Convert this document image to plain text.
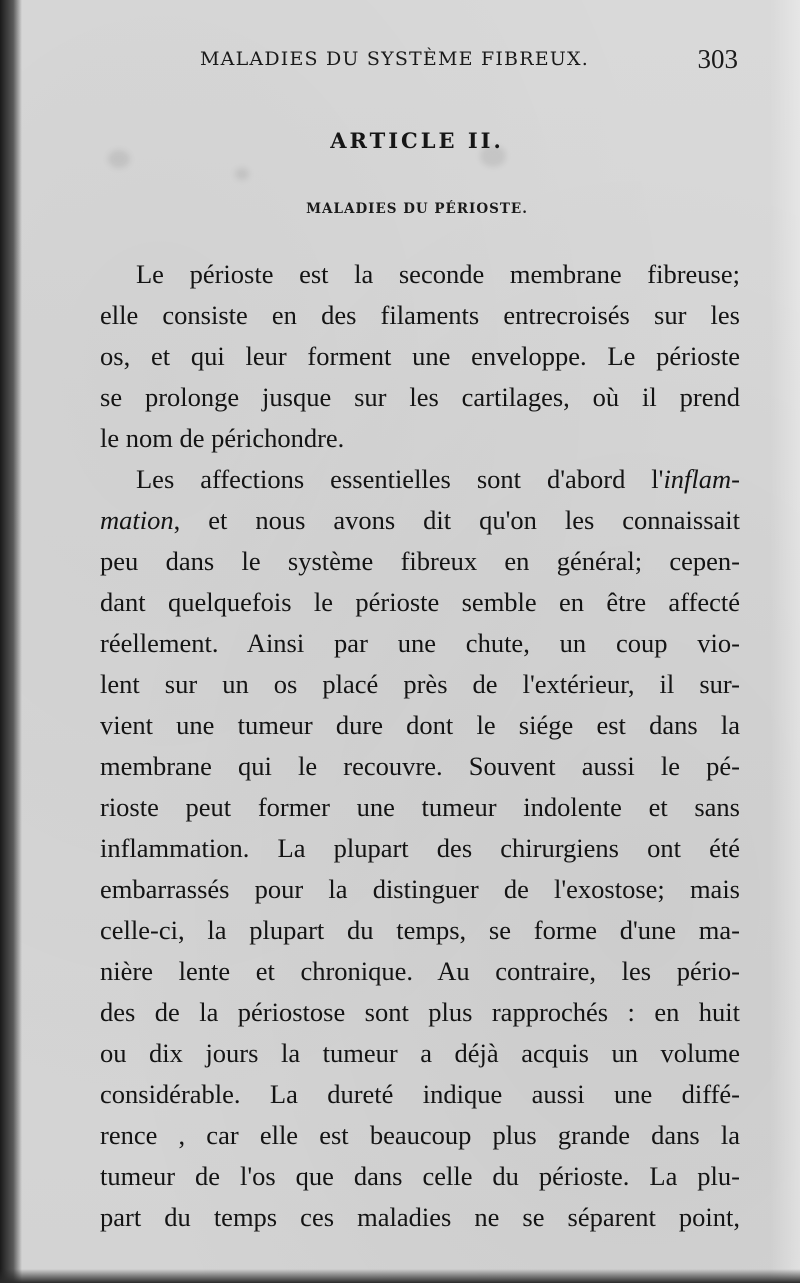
MALADIES DU SYSTÈME FIBREUX.	303
ARTICLE II.
MALADIES DU PÉRIOSTE.
Le périoste est la seconde membrane fibreuse;
elle consiste en des filaments entrecroisés sur les
os, et qui leur forment une enveloppe. Le périoste
se prolonge jusque sur les cartilages, où il prend
le nom de périchondre.
Les affections essentielles sont d'abord l'inflam-
mation, et nous avons dit qu'on les connaissait
peu dans le système fibreux en général; cepen-
dant quelquefois le périoste semble en être affecté
réellement. Ainsi par une chute, un coup vio-
lent sur un os placé près de l'extérieur, il sur-
vient une tumeur dure dont le siége est dans la
membrane qui le recouvre. Souvent aussi le pé-
rioste peut former une tumeur indolente et sans
inflammation. La plupart des chirurgiens ont été
embarrassés pour la distinguer de l'exostose; mais
celle-ci, la plupart du temps, se forme d'une ma-
nière lente et chronique. Au contraire, les pério-
des de la périostose sont plus rapprochés : en huit
ou dix jours la tumeur a déjà acquis un volume
considérable. La dureté indique aussi une diffé-
rence , car elle est beaucoup plus grande dans la
tumeur de l'os que dans celle du périoste. La plu-
part du temps ces maladies ne se séparent point,
